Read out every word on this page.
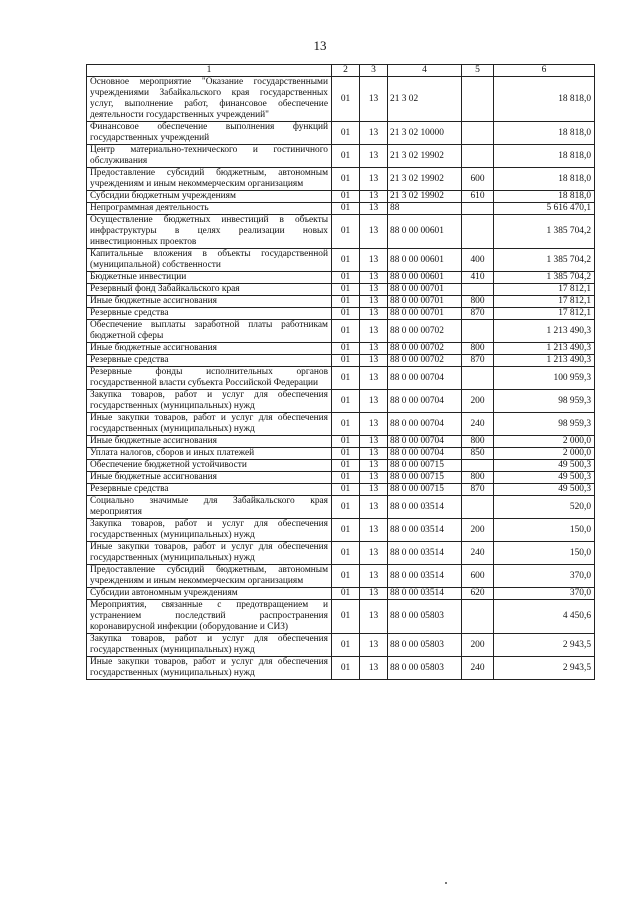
13
1	2	3	4	5	6
Основное мероприятие "Оказание государственными учреждениями Забайкальского края государственных услуг, выполнение работ, финансовое обеспечение деятельности государственных учреждений"	01	13	21 3 02		18 818,0
Финансовое обеспечение выполнения функций государственных учреждений	01	13	21 3 02 10000		18 818,0
Центр материально-технического и гостиничного обслуживания	01	13	21 3 02 19902		18 818,0
Предоставление субсидий бюджетным, автономным учреждениям и иным некоммерческим организациям	01	13	21 3 02 19902	600	18 818,0
Субсидии бюджетным учреждениям	01	13	21 3 02 19902	610	18 818,0
Непрограммная деятельность	01	13	88		5 616 470,1
Осуществление бюджетных инвестиций в объекты инфраструктуры в целях реализации новых инвестиционных проектов	01	13	88 0 00 00601		1 385 704,2
Капитальные вложения в объекты государственной (муниципальной) собственности	01	13	88 0 00 00601	400	1 385 704,2
Бюджетные инвестиции	01	13	88 0 00 00601	410	1 385 704,2
Резервный фонд Забайкальского края	01	13	88 0 00 00701		17 812,1
Иные бюджетные ассигнования	01	13	88 0 00 00701	800	17 812,1
Резервные средства	01	13	88 0 00 00701	870	17 812,1
Обеспечение выплаты заработной платы работникам бюджетной сферы	01	13	88 0 00 00702		1 213 490,3
Иные бюджетные ассигнования	01	13	88 0 00 00702	800	1 213 490,3
Резервные средства	01	13	88 0 00 00702	870	1 213 490,3
Резервные фонды исполнительных органов государственной власти субъекта Российской Федерации	01	13	88 0 00 00704		100 959,3
Закупка товаров, работ и услуг для обеспечения государственных (муниципальных) нужд	01	13	88 0 00 00704	200	98 959,3
Иные закупки товаров, работ и услуг для обеспечения государственных (муниципальных) нужд	01	13	88 0 00 00704	240	98 959,3
Иные бюджетные ассигнования	01	13	88 0 00 00704	800	2 000,0
Уплата налогов, сборов и иных платежей	01	13	88 0 00 00704	850	2 000,0
Обеспечение бюджетной устойчивости	01	13	88 0 00 00715		49 500,3
Иные бюджетные ассигнования	01	13	88 0 00 00715	800	49 500,3
Резервные средства	01	13	88 0 00 00715	870	49 500,3
Социально значимые для Забайкальского края мероприятия	01	13	88 0 00 03514		520,0
Закупка товаров, работ и услуг для обеспечения государственных (муниципальных) нужд	01	13	88 0 00 03514	200	150,0
Иные закупки товаров, работ и услуг для обеспечения государственных (муниципальных) нужд	01	13	88 0 00 03514	240	150,0
Предоставление субсидий бюджетным, автономным учреждениям и иным некоммерческим организациям	01	13	88 0 00 03514	600	370,0
Субсидии автономным учреждениям	01	13	88 0 00 03514	620	370,0
Мероприятия, связанные с предотвращением и устранением последствий распространения коронавирусной инфекции (оборудование и СИЗ)	01	13	88 0 00 05803		4 450,6
Закупка товаров, работ и услуг для обеспечения государственных (муниципальных) нужд	01	13	88 0 00 05803	200	2 943,5
Иные закупки товаров, работ и услуг для обеспечения государственных (муниципальных) нужд	01	13	88 0 00 05803	240	2 943,5
